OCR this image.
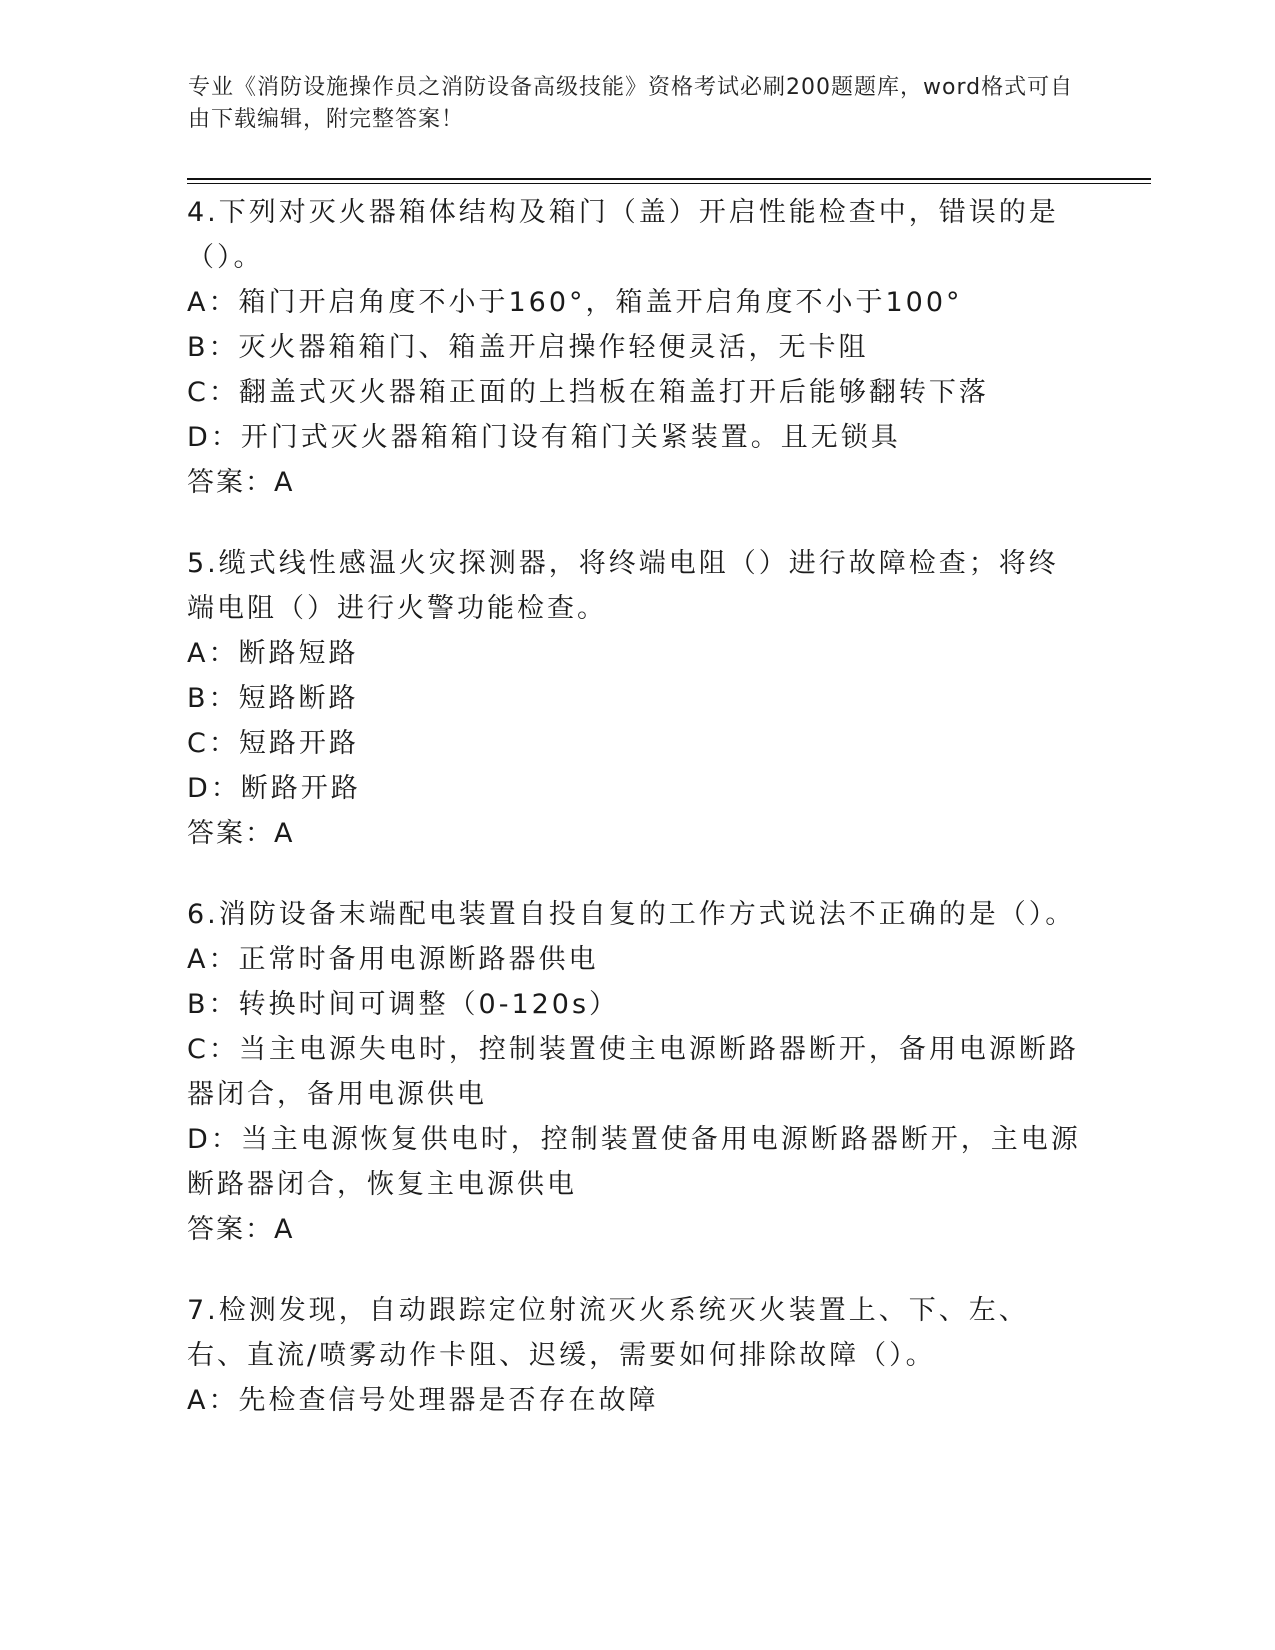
专业《消防设施操作员之消防设备高级技能》资格考试必刷200题题库，word格式可自由下载编辑，附完整答案！
4.下列对灭火器箱体结构及箱门（盖）开启性能检查中，错误的是（）。
A：箱门开启角度不小于160°，箱盖开启角度不小于100°
B：灭火器箱箱门、箱盖开启操作轻便灵活，无卡阻
C：翻盖式灭火器箱正面的上挡板在箱盖打开后能够翻转下落
D：开门式灭火器箱箱门设有箱门关紧装置。且无锁具
答案：A
5.缆式线性感温火灾探测器，将终端电阻（）进行故障检查；将终端电阻（）进行火警功能检查。
A：断路短路
B：短路断路
C：短路开路
D：断路开路
答案：A
6.消防设备末端配电装置自投自复的工作方式说法不正确的是（）。
A：正常时备用电源断路器供电
B：转换时间可调整（0-120s）
C：当主电源失电时，控制装置使主电源断路器断开，备用电源断路器闭合，备用电源供电
D：当主电源恢复供电时，控制装置使备用电源断路器断开，主电源断路器闭合，恢复主电源供电
答案：A
7.检测发现，自动跟踪定位射流灭火系统灭火装置上、下、左、右、直流/喷雾动作卡阻、迟缓，需要如何排除故障（）。
A：先检查信号处理器是否存在故障
